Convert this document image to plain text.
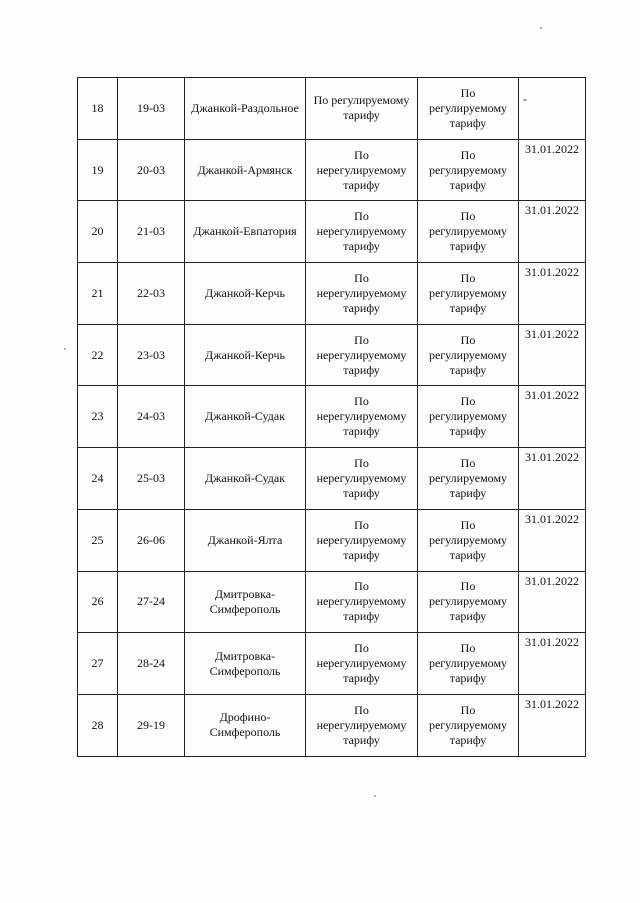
18	19-03	Джанкой-Раздольное	По регулируемому
тарифу	По
регулируемому
тарифу	-
19	20-03	Джанкой-Армянск	По
нерегулируемому
тарифу	По
регулируемому
тарифу	31.01.2022
20	21-03	Джанкой-Евпатория	По
нерегулируемому
тарифу	По
регулируемому
тарифу	31.01.2022
21	22-03	Джанкой-Керчь	По
нерегулируемому
тарифу	По
регулируемому
тарифу	31.01.2022
22	23-03	Джанкой-Керчь	По
нерегулируемому
тарифу	По
регулируемому
тарифу	31.01.2022
23	24-03	Джанкой-Судак	По
нерегулируемому
тарифу	По
регулируемому
тарифу	31.01.2022
24	25-03	Джанкой-Судак	По
нерегулируемому
тарифу	По
регулируемому
тарифу	31.01.2022
25	26-06	Джанкой-Ялта	По
нерегулируемому
тарифу	По
регулируемому
тарифу	31.01.2022
26	27-24	Дмитровка-
Симферополь	По
нерегулируемому
тарифу	По
регулируемому
тарифу	31.01.2022
27	28-24	Дмитровка-
Симферополь	По
нерегулируемому
тарифу	По
регулируемому
тарифу	31.01.2022
28	29-19	Дрофино-
Симферополь	По
нерегулируемому
тарифу	По
регулируемому
тарифу	31.01.2022
